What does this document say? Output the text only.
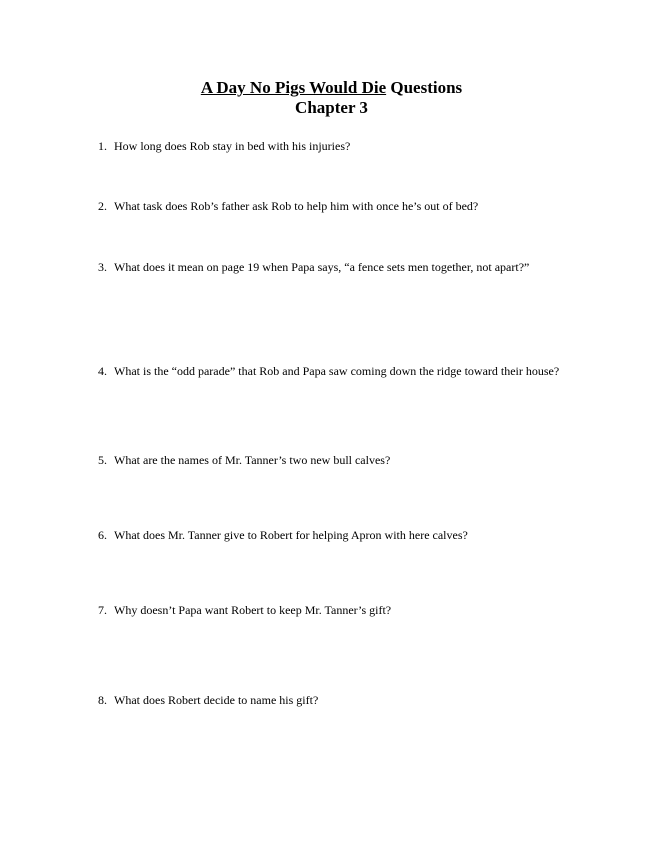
A Day No Pigs Would Die Questions
Chapter 3
1. How long does Rob stay in bed with his injuries?
2. What task does Rob’s father ask Rob to help him with once he’s out of bed?
3. What does it mean on page 19 when Papa says, “a fence sets men together, not apart?”
4. What is the “odd parade” that Rob and Papa saw coming down the ridge toward their house?
5. What are the names of Mr. Tanner’s two new bull calves?
6. What does Mr. Tanner give to Robert for helping Apron with here calves?
7. Why doesn’t Papa want Robert to keep Mr. Tanner’s gift?
8. What does Robert decide to name his gift?
